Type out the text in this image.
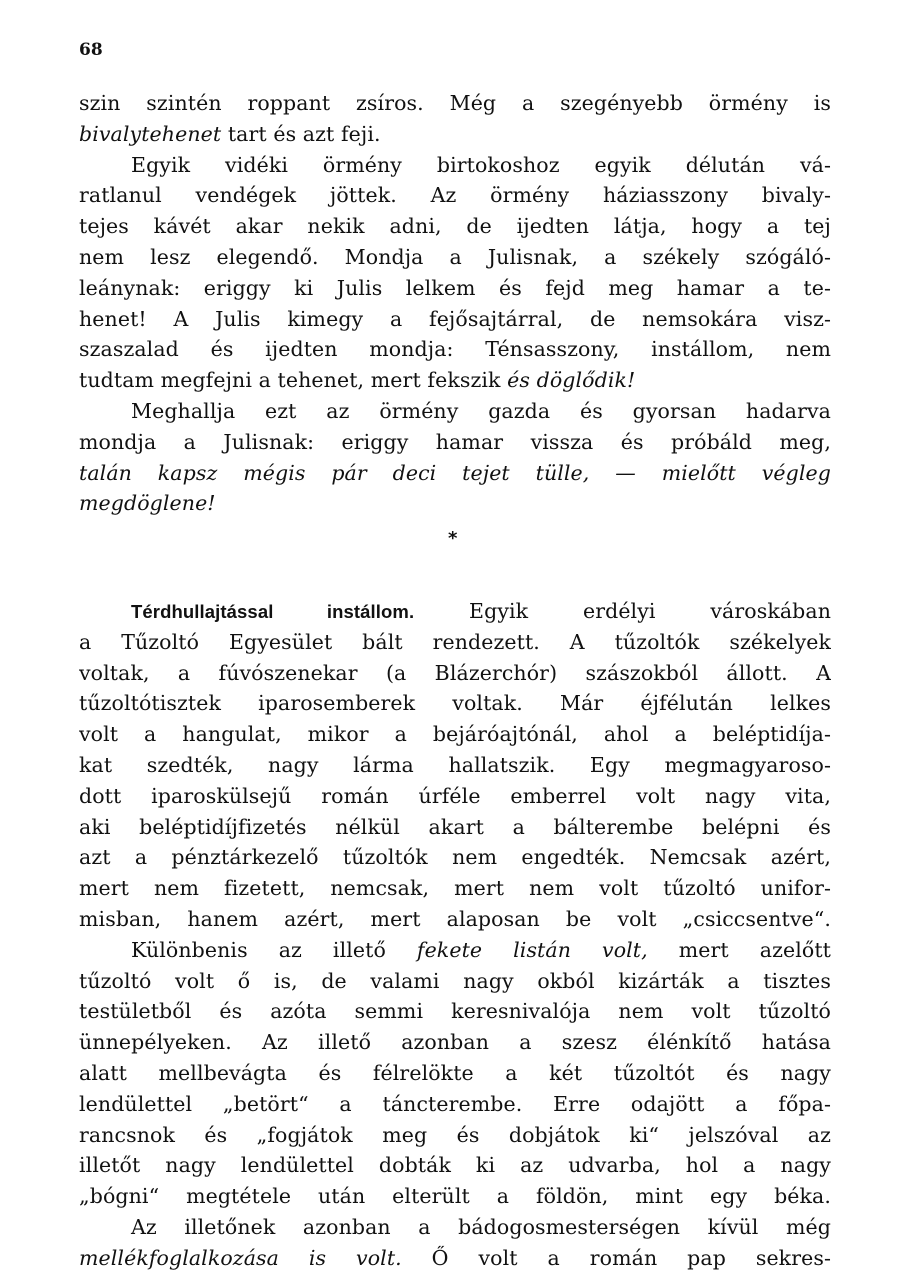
68
szin szintén roppant zsíros. Még a szegényebb örmény is
bivalytehenet tart és azt feji.
Egyik vidéki örmény birtokoshoz egyik délután vá-
ratlanul vendégek jöttek. Az örmény háziasszony bivaly-
tejes kávét akar nekik adni, de ijedten látja, hogy a tej
nem lesz elegendő. Mondja a Julisnak, a székely szógáló-
leánynak: eriggy ki Julis lelkem és fejd meg hamar a te-
henet! A Julis kimegy a fejősajtárral, de nemsokára visz-
szaszalad és ijedten mondja: Ténsasszony, instállom, nem
tudtam megfejni a tehenet, mert fekszik és döglődik!
Meghallja ezt az örmény gazda és gyorsan hadarva
mondja a Julisnak: eriggy hamar vissza és próbáld meg,
talán kapsz mégis pár deci tejet tülle, — mielőtt végleg
megdöglene!
*
Térdhullajtással instállom. Egyik erdélyi városkában
a Tűzoltó Egyesület bált rendezett. A tűzoltók székelyek
voltak, a fúvószenekar (a Blázerchór) szászokból állott. A
tűzoltótisztek iparosemberek voltak. Már éjfélután lelkes
volt a hangulat, mikor a bejáróajtónál, ahol a beléptidíja-
kat szedték, nagy lárma hallatszik. Egy megmagyaroso-
dott iparoskülsejű román úrféle emberrel volt nagy vita,
aki beléptidíjfizetés nélkül akart a bálterembe belépni és
azt a pénztárkezelő tűzoltók nem engedték. Nemcsak azért,
mert nem fizetett, nemcsak, mert nem volt tűzoltó unifor-
misban, hanem azért, mert alaposan be volt „csiccsentve“.
Különbenis az illető fekete listán volt, mert azelőtt
tűzoltó volt ő is, de valami nagy okból kizárták a tisztes
testületből és azóta semmi keresnivalója nem volt tűzoltó
ünnepélyeken. Az illető azonban a szesz élénkítő hatása
alatt mellbevágta és félrelökte a két tűzoltót és nagy
lendülettel „betört“ a táncterembe. Erre odajött a főpa-
rancsnok és „fogjátok meg és dobjátok ki“ jelszóval az
illetőt nagy lendülettel dobták ki az udvarba, hol a nagy
„bógni“ megtétele után elterült a földön, mint egy béka.
Az illetőnek azonban a bádogosmesterségen kívül még
mellékfoglalkozása is volt. Ő volt a román pap sekres-
